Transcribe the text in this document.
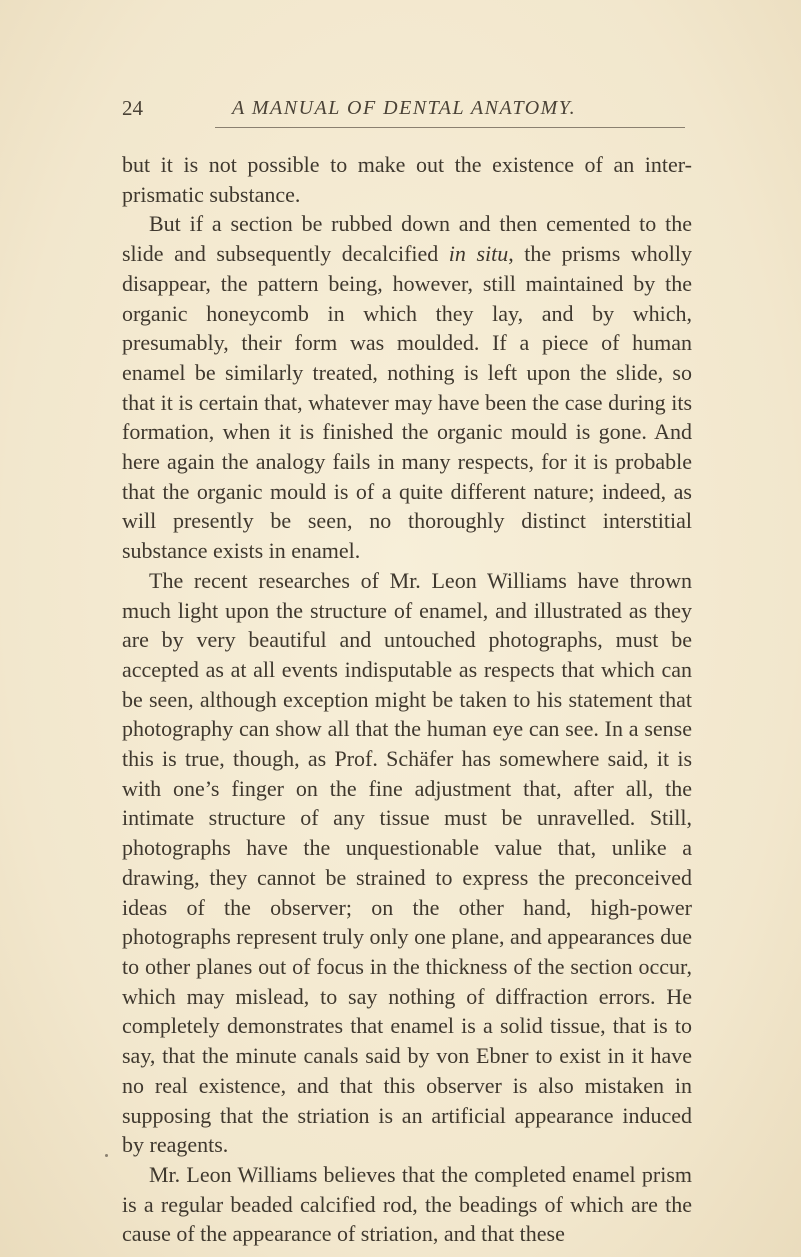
24	A MANUAL OF DENTAL ANATOMY.

but it is not possible to make out the existence of an inter-prismatic substance.

But if a section be rubbed down and then cemented to the slide and subsequently decalcified in situ, the prisms wholly disappear, the pattern being, however, still maintained by the organic honeycomb in which they lay, and by which, presumably, their form was moulded. If a piece of human enamel be similarly treated, nothing is left upon the slide, so that it is certain that, whatever may have been the case during its formation, when it is finished the organic mould is gone. And here again the analogy fails in many respects, for it is probable that the organic mould is of a quite different nature; indeed, as will presently be seen, no thoroughly distinct interstitial substance exists in enamel.

The recent researches of Mr. Leon Williams have thrown much light upon the structure of enamel, and illustrated as they are by very beautiful and untouched photographs, must be accepted as at all events indisputable as respects that which can be seen, although exception might be taken to his statement that photography can show all that the human eye can see. In a sense this is true, though, as Prof. Schäfer has somewhere said, it is with one’s finger on the fine adjustment that, after all, the intimate structure of any tissue must be unravelled. Still, photographs have the unquestionable value that, unlike a drawing, they cannot be strained to express the preconceived ideas of the observer; on the other hand, high-power photographs represent truly only one plane, and appearances due to other planes out of focus in the thickness of the section occur, which may mislead, to say nothing of diffraction errors. He completely demonstrates that enamel is a solid tissue, that is to say, that the minute canals said by von Ebner to exist in it have no real existence, and that this observer is also mistaken in supposing that the striation is an artificial appearance induced by reagents.

Mr. Leon Williams believes that the completed enamel prism is a regular beaded calcified rod, the beadings of which are the cause of the appearance of striation, and that these
